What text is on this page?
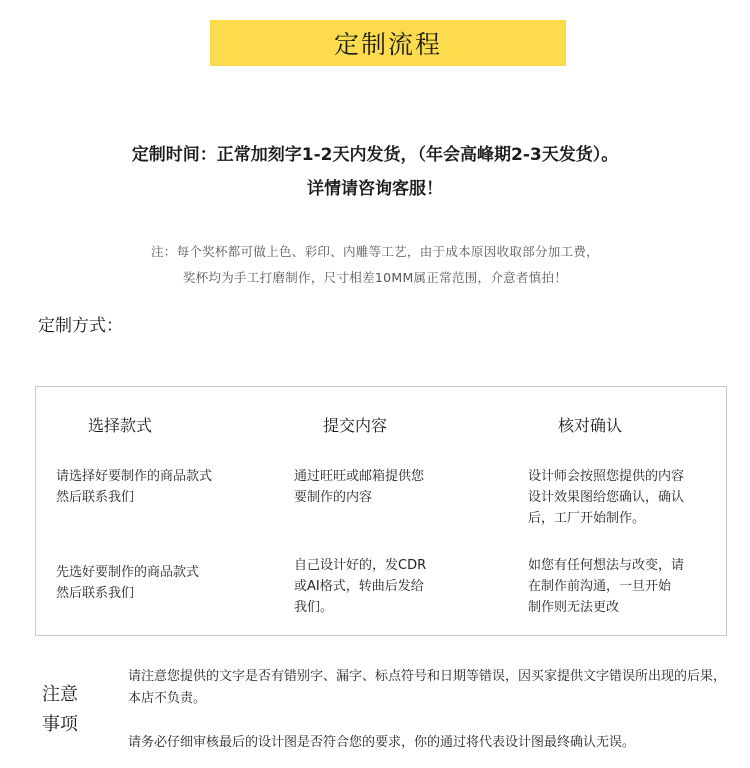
定制流程
定制时间：正常加刻字1-2天内发货，（年会高峰期2-3天发货）。
详情请咨询客服！
注：每个奖杯都可做上色、彩印、内雕等工艺，由于成本原因收取部分加工费，
奖杯均为手工打磨制作，尺寸相差10MM属正常范围，介意者慎拍！
定制方式：
选择款式	提交内容	核对确认
请选择好要制作的商品款式
然后联系我们
通过旺旺或邮箱提供您
要制作的内容
设计师会按照您提供的内容
设计效果图给您确认，确认
后，工厂开始制作。
先选好要制作的商品款式
然后联系我们
自己设计好的，发CDR
或AI格式，转曲后发给
我们。
如您有任何想法与改变，请
在制作前沟通，一旦开始
制作则无法更改
注意
事项
请注意您提供的文字是否有错别字、漏字、标点符号和日期等错误，因买家提供文字错误所出现的后果，本店不负责。
请务必仔细审核最后的设计图是否符合您的要求，你的通过将代表设计图最终确认无误。
